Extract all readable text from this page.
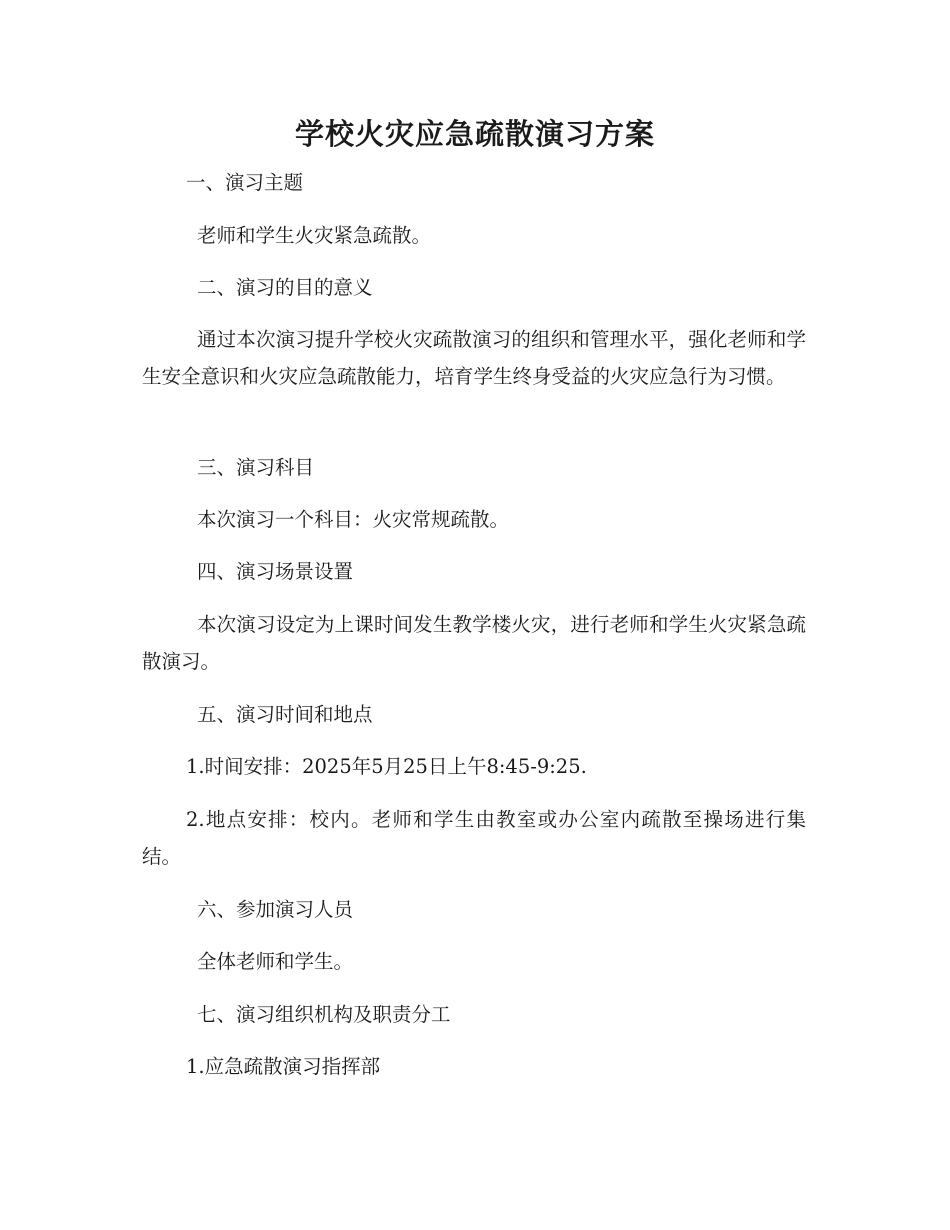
学校火灾应急疏散演习方案

一、演习主题

老师和学生火灾紧急疏散。

二、演习的目的意义

通过本次演习提升学校火灾疏散演习的组织和管理水平，强化老师和学生安全意识和火灾应急疏散能力，培育学生终身受益的火灾应急行为习惯。

三、演习科目

本次演习一个科目：火灾常规疏散。

四、演习场景设置

本次演习设定为上课时间发生教学楼火灾，进行老师和学生火灾紧急疏散演习。

五、演习时间和地点

1.时间安排：2025年5月25日上午8:45-9:25.

2.地点安排：校内。老师和学生由教室或办公室内疏散至操场进行集结。

六、参加演习人员

全体老师和学生。

七、演习组织机构及职责分工

1.应急疏散演习指挥部
